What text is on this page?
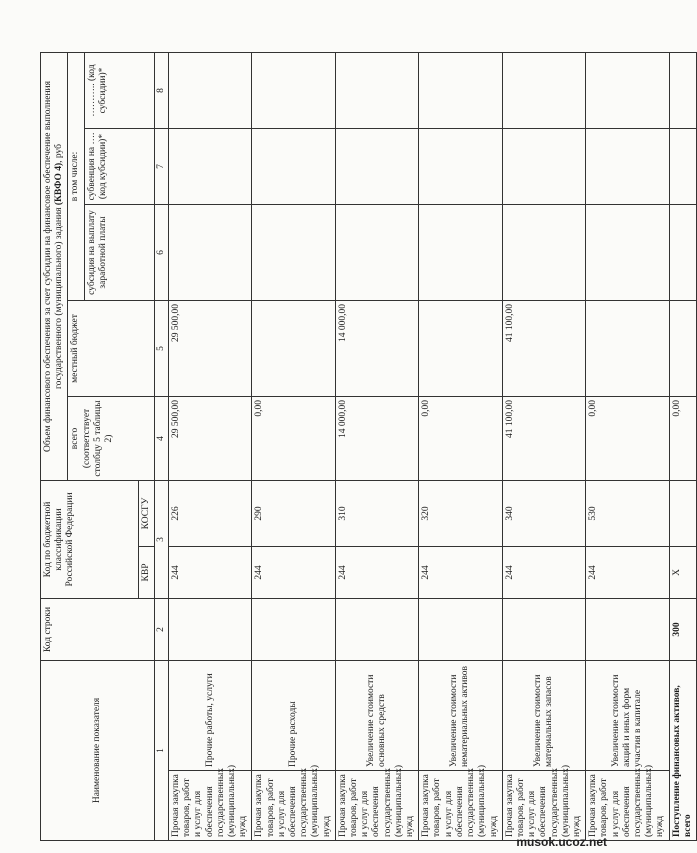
Наименование показателя		Код строки	Код по бюджетной классификации Российской Федерации		Объем финансового обеспечения за счет субсидии на финансовое обеспечение выполнения государственного (муниципального) задания (КВФО 4), руб				
					всего (соответствует столбцу 5 таблицы 2)	местный бюджет	в том числе:		
							субсидия на выплату заработной платы	субвенция на …. (код кубсидии)*	……….. (код субсидии)*
			КВР	КОСГУ					
1		2	3		4	5	6	7	8
Прочая закупка товаров, работ и услуг для обеспечения государственных (муниципальных) нужд	Прочие работы, услуги		244	226	29 500,00	29 500,00			
Прочая закупка товаров, работ и услуг для обеспечения государственных (муниципальных) нужд	Прочие расходы		244	290	0,00				
Прочая закупка товаров, работ и услуг для обеспечения государственных (муниципальных) нужд	Увеличение стоимости основных средств		244	310	14 000,00	14 000,00			
Прочая закупка товаров, работ и услуг для обеспечения государственных (муниципальных) нужд	Увеличение стоимости нематериальных активов		244	320	0,00				
Прочая закупка товаров, работ и услуг для обеспечения государственных (муниципальных) нужд	Увеличение стоимости материальных запасов		244	340	41 100,00	41 100,00			
Прочая закупка товаров, работ и услуг для обеспечения государственных (муниципальных) нужд	Увеличение стоимости акций и иных форм участия в капитале		244	530	0,00				
Поступление финансовых активов, всего		300	Х		0,00				
musok.ucoz.net
